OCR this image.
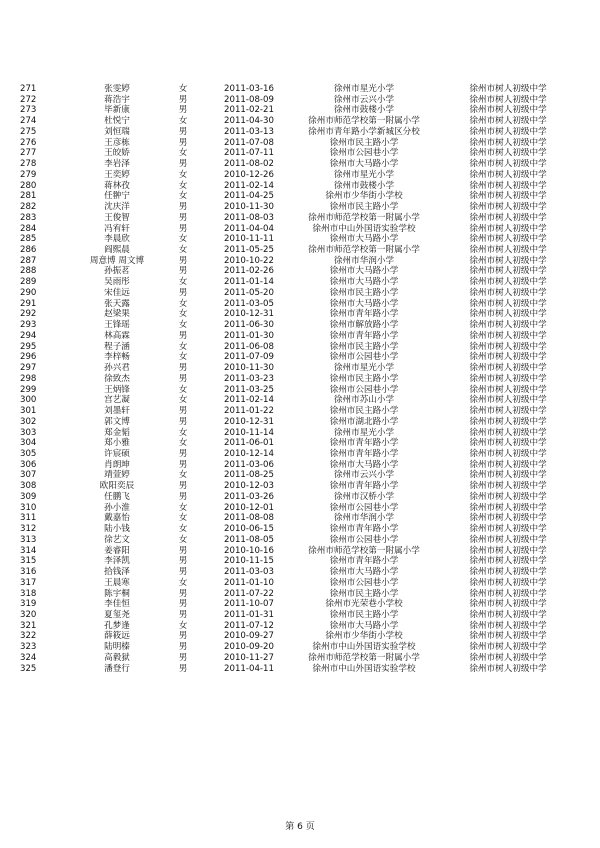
271	张雯婷	女	2011-03-16	徐州市星光小学	徐州市树人初级中学
272	蒋浩宇	男	2011-08-09	徐州市云兴小学	徐州市树人初级中学
273	毕新康	男	2011-02-21	徐州市鼓楼小学	徐州市树人初级中学
274	杜悦宁	女	2011-04-30	徐州市师范学校第一附属小学	徐州市树人初级中学
275	刘恒瑞	男	2011-03-13	徐州市青年路小学新城区分校	徐州市树人初级中学
276	王彦栋	男	2011-07-08	徐州市民主路小学	徐州市树人初级中学
277	王皎娇	女	2011-07-11	徐州市公园巷小学	徐州市树人初级中学
278	李岩泽	男	2011-08-02	徐州市大马路小学	徐州市树人初级中学
279	王奕婷	女	2010-12-26	徐州市星光小学	徐州市树人初级中学
280	蒋林孜	女	2011-02-14	徐州市鼓楼小学	徐州市树人初级中学
281	任翀宁	女	2011-04-25	徐州市少华街小学校	徐州市树人初级中学
282	沈庆洋	男	2010-11-30	徐州市民主路小学	徐州市树人初级中学
283	王俊智	男	2011-08-03	徐州市师范学校第一附属小学	徐州市树人初级中学
284	冯宥轩	男	2011-04-04	徐州市中山外国语实验学校	徐州市树人初级中学
285	李晨欣	女	2010-11-11	徐州市大马路小学	徐州市树人初级中学
286	阎熙晨	女	2011-05-25	徐州市师范学校第一附属小学	徐州市树人初级中学
287	周意博 周文博	男	2010-10-22	徐州市华润小学	徐州市树人初级中学
288	孙振茗	男	2011-02-26	徐州市大马路小学	徐州市树人初级中学
289	吴雨彤	女	2011-01-14	徐州市大马路小学	徐州市树人初级中学
290	宋佳远	男	2011-05-20	徐州市民主路小学	徐州市树人初级中学
291	张天露	女	2011-03-05	徐州市大马路小学	徐州市树人初级中学
292	赵梁果	女	2010-12-31	徐州市青年路小学	徐州市树人初级中学
293	王锋瑶	女	2011-06-30	徐州市解放路小学	徐州市树人初级中学
294	林高霖	男	2011-01-30	徐州市青年路小学	徐州市树人初级中学
295	程子涵	女	2011-06-08	徐州市民主路小学	徐州市树人初级中学
296	李梓畅	女	2011-07-09	徐州市公园巷小学	徐州市树人初级中学
297	孙兴君	男	2010-11-30	徐州市星光小学	徐州市树人初级中学
298	徐致杰	男	2011-03-23	徐州市民主路小学	徐州市树人初级中学
299	王炳锋	女	2011-03-25	徐州市公园巷小学	徐州市树人初级中学
300	宫艺凝	女	2011-02-14	徐州市苏山小学	徐州市树人初级中学
301	刘墨轩	男	2011-01-22	徐州市民主路小学	徐州市树人初级中学
302	郭文博	男	2010-12-31	徐州市湖北路小学	徐州市树人初级中学
303	郑金韬	女	2010-11-14	徐州市星光小学	徐州市树人初级中学
304	郑小雅	女	2011-06-01	徐州市青年路小学	徐州市树人初级中学
305	许宸硕	男	2010-12-14	徐州市青年路小学	徐州市树人初级中学
306	肖朗坤	男	2011-03-06	徐州市大马路小学	徐州市树人初级中学
307	靖萱婷	女	2011-08-25	徐州市云兴小学	徐州市树人初级中学
308	欧阳奕辰	男	2010-12-03	徐州市青年路小学	徐州市树人初级中学
309	任鹏飞	男	2011-03-26	徐州市汉桥小学	徐州市树人初级中学
310	孙小淮	女	2010-12-01	徐州市公园巷小学	徐州市树人初级中学
311	戴嘉怡	女	2011-08-08	徐州市华润小学	徐州市树人初级中学
312	陆小钱	女	2010-06-15	徐州市青年路小学	徐州市树人初级中学
313	徐艺文	女	2011-08-05	徐州市公园巷小学	徐州市树人初级中学
314	姜睿阳	男	2010-10-16	徐州市师范学校第一附属小学	徐州市树人初级中学
315	李泽凯	男	2010-11-15	徐州市青年路小学	徐州市树人初级中学
316	拾钱泽	男	2011-03-03	徐州市大马路小学	徐州市树人初级中学
317	王晨寒	女	2011-01-10	徐州市公园巷小学	徐州市树人初级中学
318	陈宇桐	男	2011-07-22	徐州市民主路小学	徐州市树人初级中学
319	李佳恒	男	2011-10-07	徐州市光荣巷小学校	徐州市树人初级中学
320	夏玺尧	男	2011-01-31	徐州市民主路小学	徐州市树人初级中学
321	孔梦逢	女	2011-07-12	徐州市大马路小学	徐州市树人初级中学
322	薛筱远	男	2010-09-27	徐州市少华街小学校	徐州市树人初级中学
323	陆明榛	男	2010-09-20	徐州市中山外国语实验学校	徐州市树人初级中学
324	高毅狱	男	2010-11-27	徐州市师范学校第一附属小学	徐州市树人初级中学
325	潘登行	男	2011-04-11	徐州市中山外国语实验学校	徐州市树人初级中学
第 6 页
